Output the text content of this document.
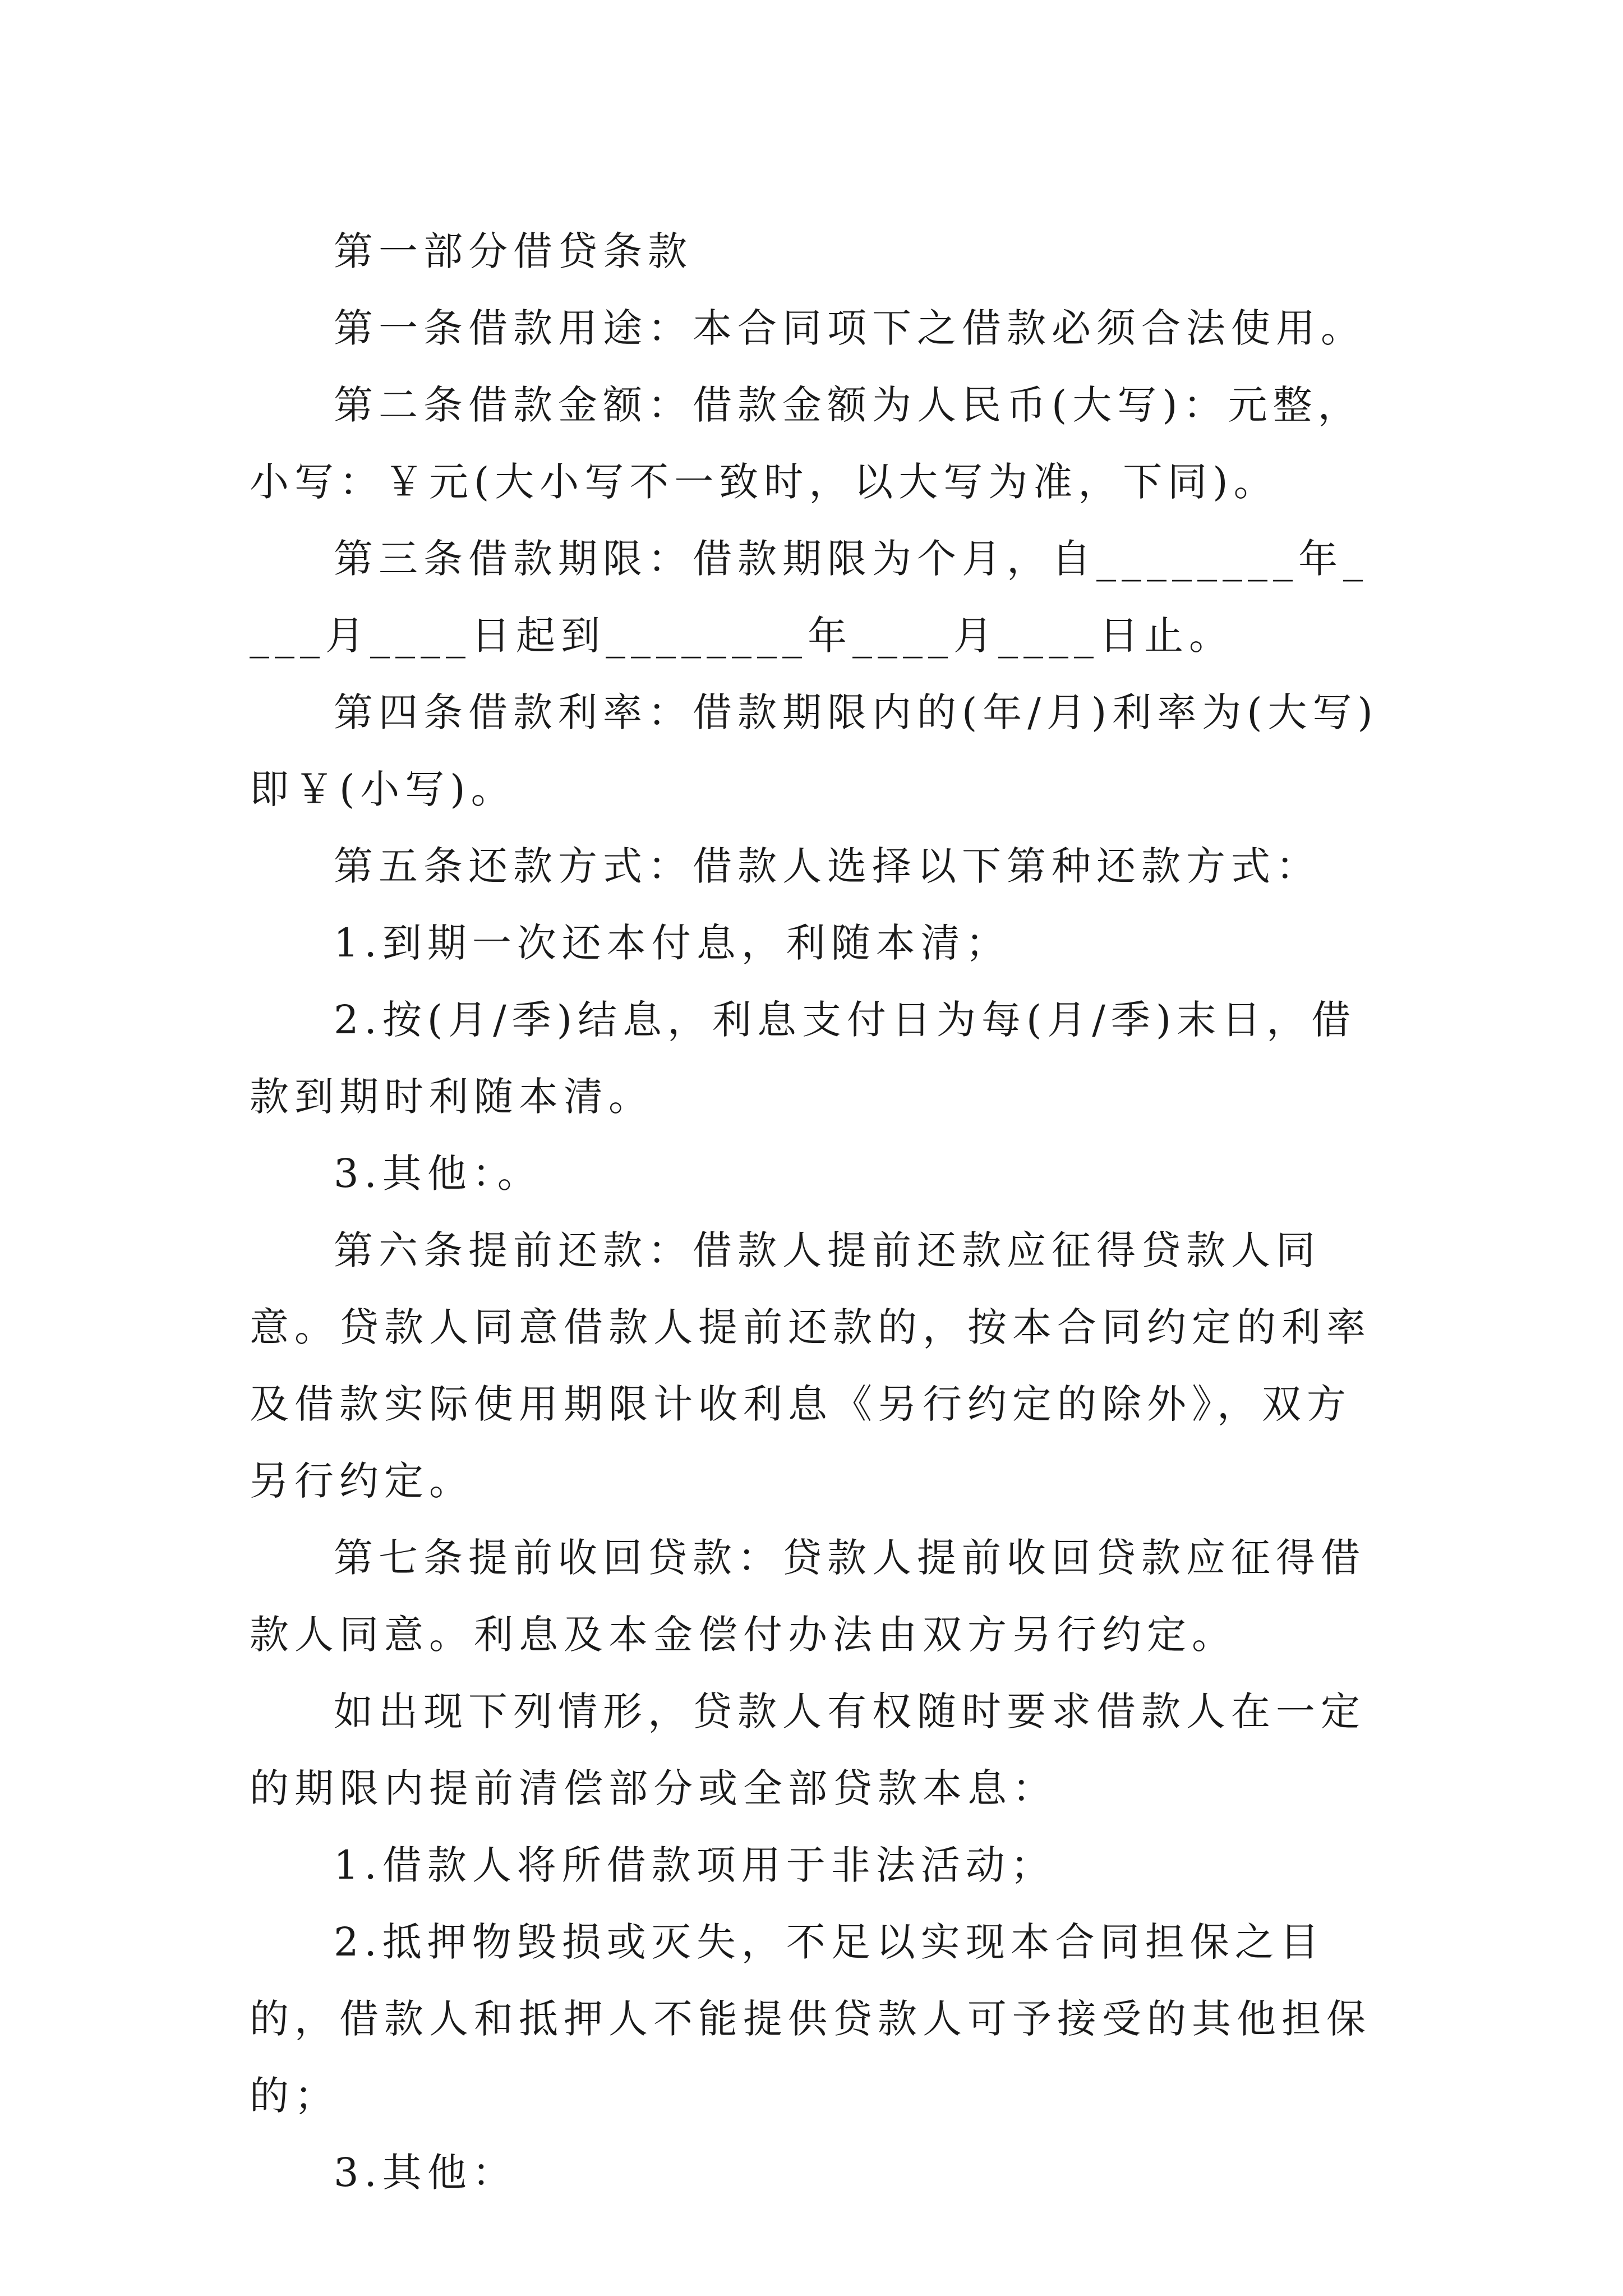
第一部分借贷条款

第一条借款用途：本合同项下之借款必须合法使用。

第二条借款金额：借款金额为人民币(大写)：元整，小写：￥元(大小写不一致时，以大写为准，下同)。

第三条借款期限：借款期限为个月，自________年____月____日起到________年____月____日止。

第四条借款利率：借款期限内的(年/月)利率为(大写)即￥(小写)。

第五条还款方式：借款人选择以下第种还款方式：

1.到期一次还本付息，利随本清；

2.按(月/季)结息，利息支付日为每(月/季)末日，借款到期时利随本清。

3.其他：。

第六条提前还款：借款人提前还款应征得贷款人同意。贷款人同意借款人提前还款的，按本合同约定的利率及借款实际使用期限计收利息《另行约定的除外》，双方另行约定。

第七条提前收回贷款：贷款人提前收回贷款应征得借款人同意。利息及本金偿付办法由双方另行约定。

如出现下列情形，贷款人有权随时要求借款人在一定的期限内提前清偿部分或全部贷款本息：

1.借款人将所借款项用于非法活动；

2.抵押物毁损或灭失，不足以实现本合同担保之目的，借款人和抵押人不能提供贷款人可予接受的其他担保的；

3.其他：
